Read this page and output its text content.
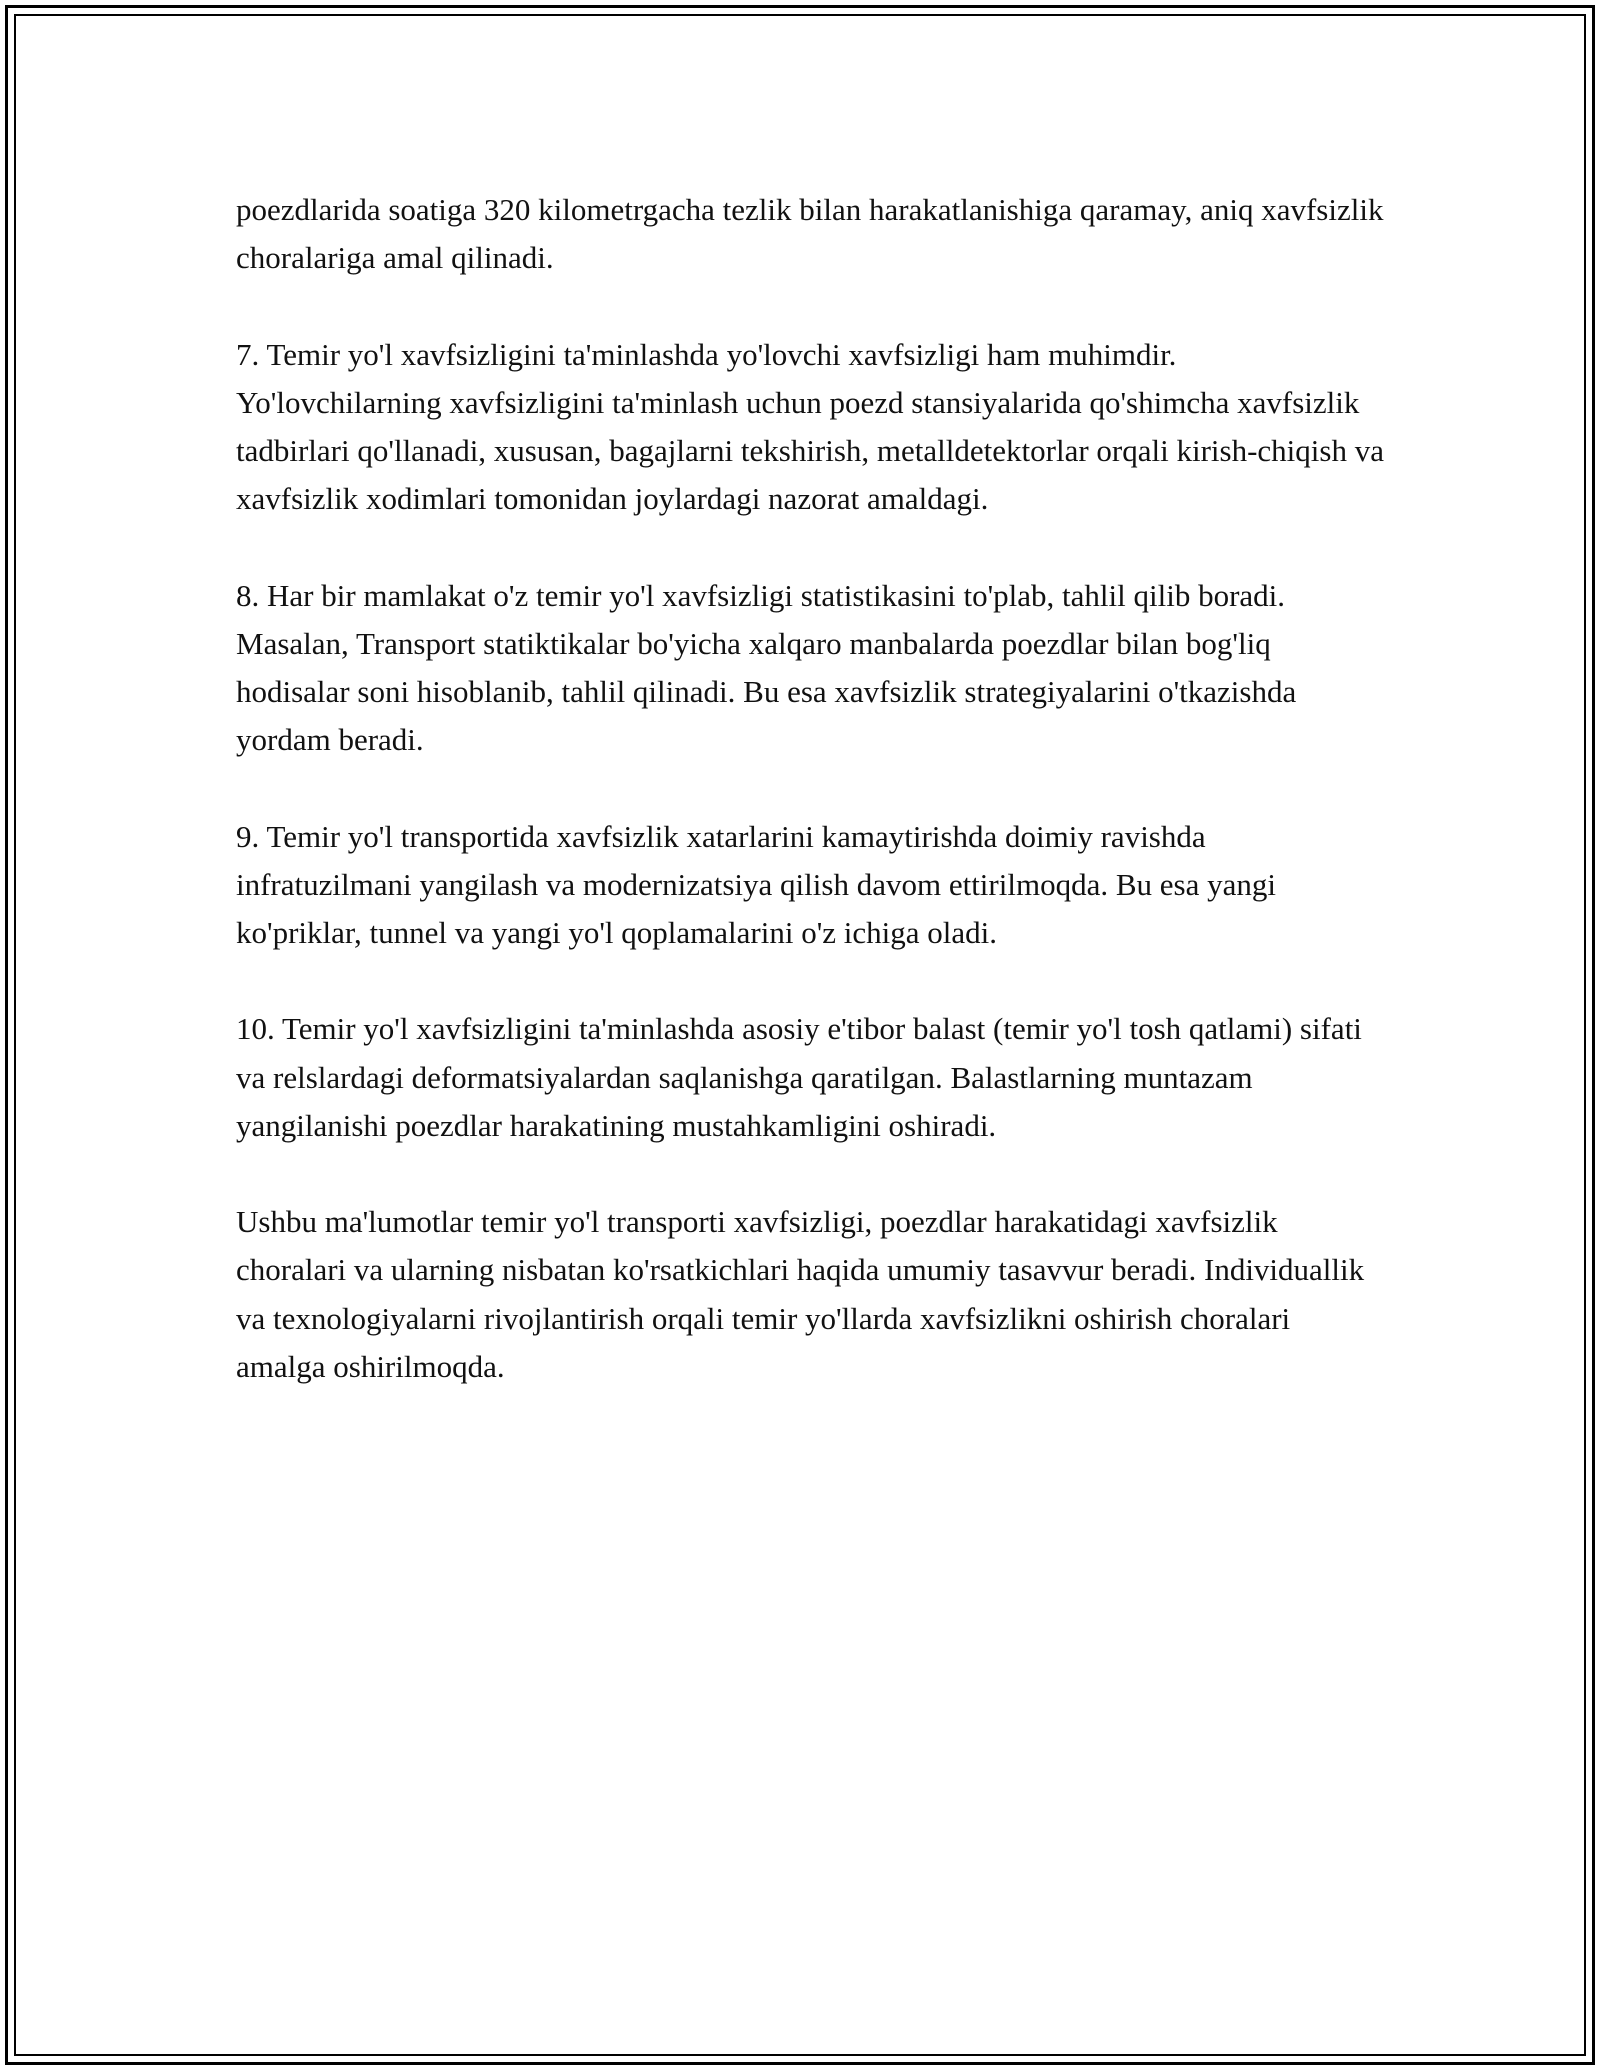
poezdlarida soatiga 320 kilometrgacha tezlik bilan harakatlanishiga qaramay, aniq xavfsizlik choralariga amal qilinadi.

7. Temir yo'l xavfsizligini ta'minlashda yo'lovchi xavfsizligi ham muhimdir. Yo'lovchilarning xavfsizligini ta'minlash uchun poezd stansiyalarida qo'shimcha xavfsizlik tadbirlari qo'llanadi, xususan, bagajlarni tekshirish, metalldetektorlar orqali kirish-chiqish va xavfsizlik xodimlari tomonidan joylardagi nazorat amaldagi.

8. Har bir mamlakat o'z temir yo'l xavfsizligi statistikasini to'plab, tahlil qilib boradi. Masalan, Transport statiktikalar bo'yicha xalqaro manbalarda poezdlar bilan bog'liq hodisalar soni hisoblanib, tahlil qilinadi. Bu esa xavfsizlik strategiyalarini o'tkazishda yordam beradi.

9. Temir yo'l transportida xavfsizlik xatarlarini kamaytirishda doimiy ravishda infratuzilmani yangilash va modernizatsiya qilish davom ettirilmoqda. Bu esa yangi ko'priklar, tunnel va yangi yo'l qoplamalarini o'z ichiga oladi.

10. Temir yo'l xavfsizligini ta'minlashda asosiy e'tibor balast (temir yo'l tosh qatlami) sifati va relslardagi deformatsiyalardan saqlanishga qaratilgan. Balastlarning muntazam yangilanishi poezdlar harakatining mustahkamligini oshiradi.

Ushbu ma'lumotlar temir yo'l transporti xavfsizligi, poezdlar harakatidagi xavfsizlik choralari va ularning nisbatan ko'rsatkichlari haqida umumiy tasavvur beradi. Individuallik va texnologiyalarni rivojlantirish orqali temir yo'llarda xavfsizlikni oshirish choralari amalga oshirilmoqda.
